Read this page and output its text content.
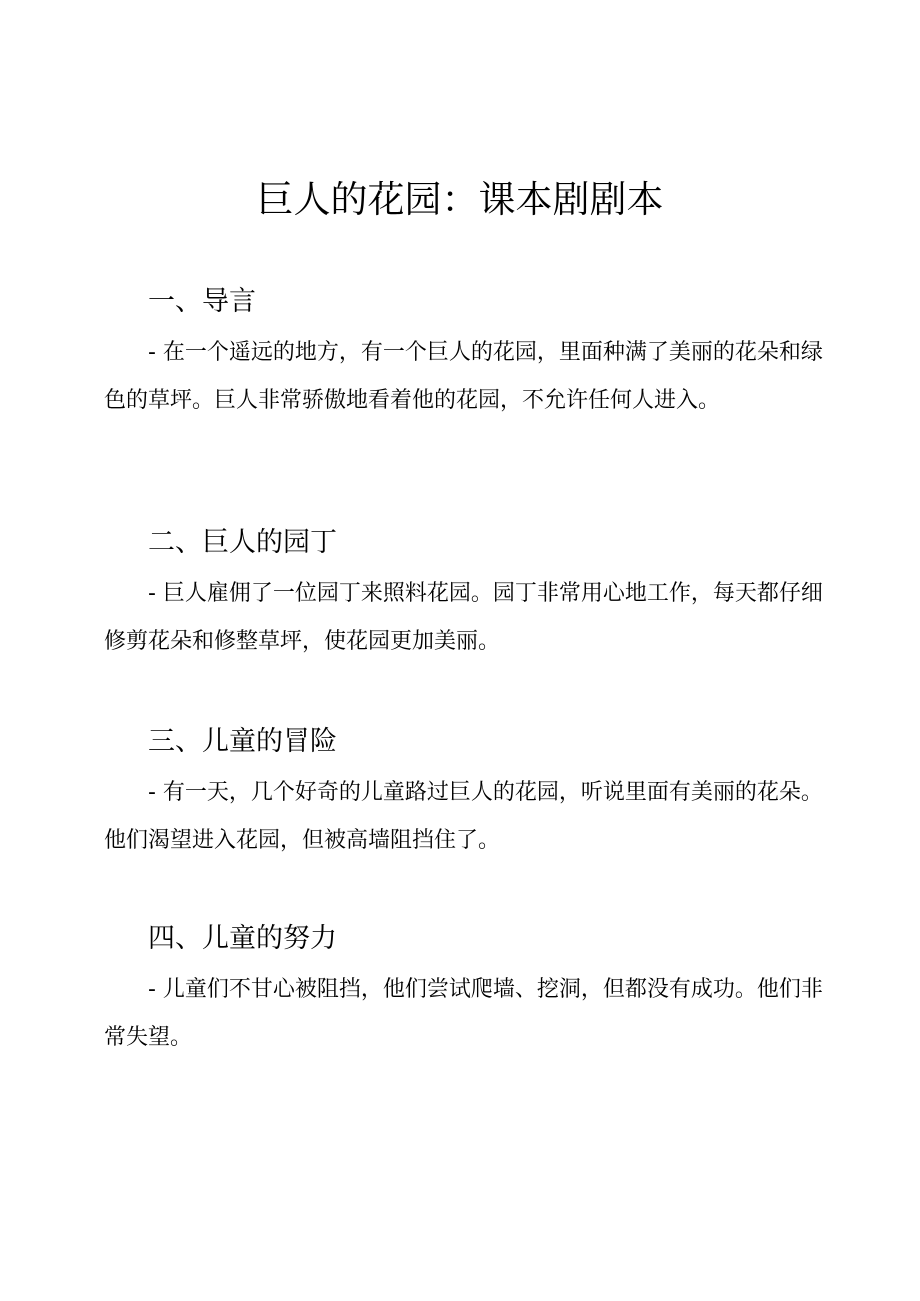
巨人的花园：课本剧剧本
一、导言

- 在一个遥远的地方，有一个巨人的花园，里面种满了美丽的花朵和绿色的草坪。巨人非常骄傲地看着他的花园，不允许任何人进入。

二、巨人的园丁

- 巨人雇佣了一位园丁来照料花园。园丁非常用心地工作，每天都仔细修剪花朵和修整草坪，使花园更加美丽。

三、儿童的冒险

- 有一天，几个好奇的儿童路过巨人的花园，听说里面有美丽的花朵。他们渴望进入花园，但被高墙阻挡住了。

四、儿童的努力

- 儿童们不甘心被阻挡，他们尝试爬墙、挖洞，但都没有成功。他们非常失望。
